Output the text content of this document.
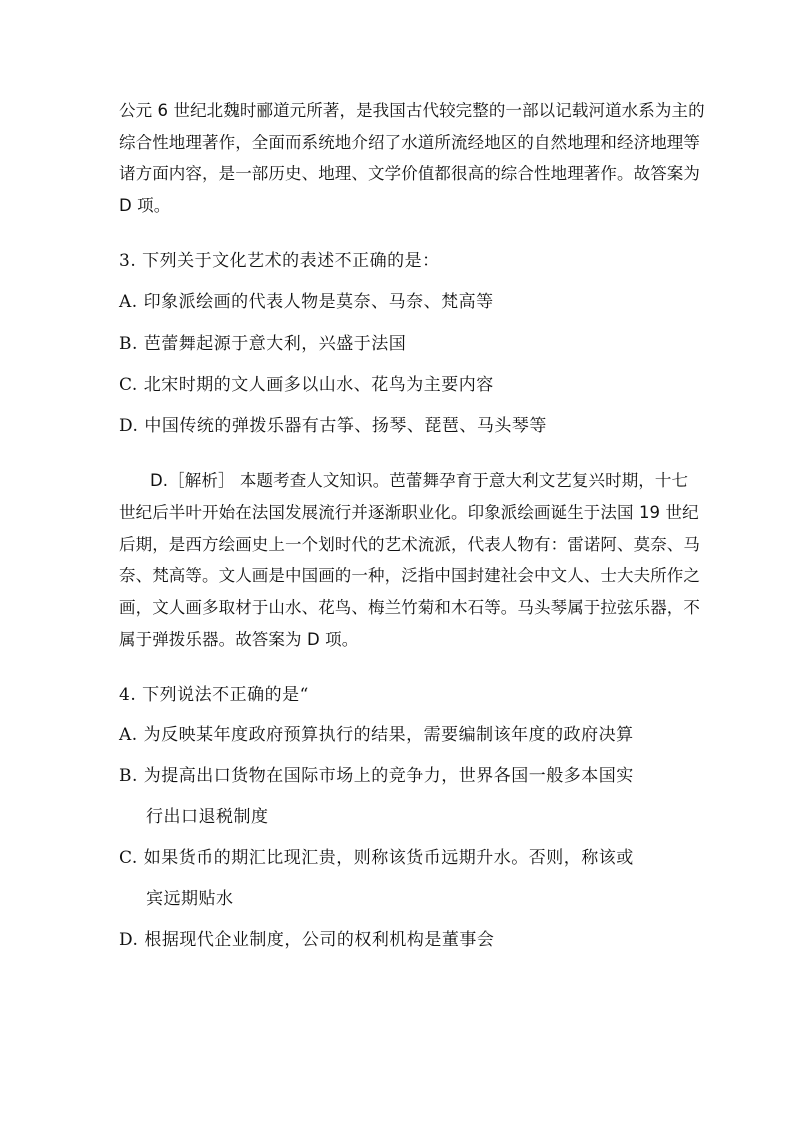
公元 6 世纪北魏时郦道元所著，是我国古代较完整的一部以记载河道水系为主的
综合性地理著作，全面而系统地介绍了水道所流经地区的自然地理和经济地理等
诸方面内容，是一部历史、地理、文学价值都很高的综合性地理著作。故答案为
D 项。
3. 下列关于文化艺术的表述不正确的是：
A. 印象派绘画的代表人物是莫奈、马奈、梵高等
B. 芭蕾舞起源于意大利，兴盛于法国
C. 北宋时期的文人画多以山水、花鸟为主要内容
D. 中国传统的弹拨乐器有古筝、扬琴、琵琶、马头琴等
D.［解析］ 本题考查人文知识。芭蕾舞孕育于意大利文艺复兴时期，十七
世纪后半叶开始在法国发展流行并逐渐职业化。印象派绘画诞生于法国 19 世纪
后期，是西方绘画史上一个划时代的艺术流派，代表人物有：雷诺阿、莫奈、马
奈、梵高等。文人画是中国画的一种，泛指中国封建社会中文人、士大夫所作之
画，文人画多取材于山水、花鸟、梅兰竹菊和木石等。马头琴属于拉弦乐器，不
属于弹拨乐器。故答案为 D 项。
4. 下列说法不正确的是“
A. 为反映某年度政府预算执行的结果，需要编制该年度的政府决算
B. 为提高出口货物在国际市场上的竞争力，世界各国一般多本国实
行出口退税制度
C. 如果货币的期汇比现汇贵，则称该货币远期升水。否则，称该或
宾远期贴水
D. 根据现代企业制度，公司的权利机构是董事会
